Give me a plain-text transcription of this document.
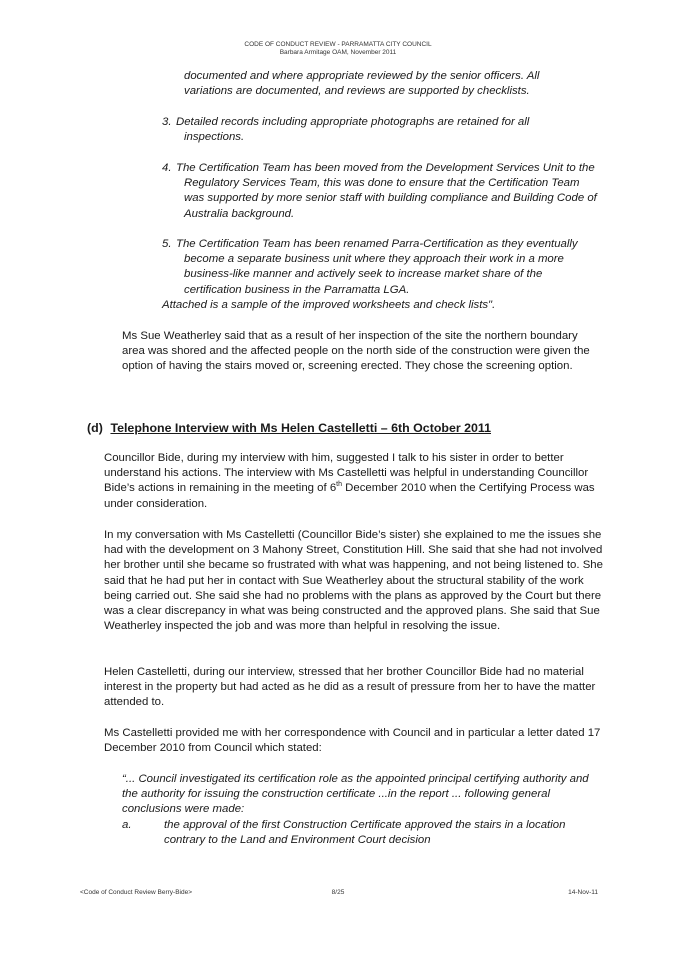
CODE OF CONDUCT REVIEW - PARRAMATTA CITY COUNCIL
Barbara Armitage OAM, November 2011
documented and where appropriate reviewed by the senior officers. All variations are documented, and reviews are supported by checklists.
3. Detailed records including appropriate photographs are retained for all inspections.
4. The Certification Team has been moved from the Development Services Unit to the Regulatory Services Team, this was done to ensure that the Certification Team was supported by more senior staff with building compliance and Building Code of Australia background.
5. The Certification Team has been renamed Parra-Certification as they eventually become a separate business unit where they approach their work in a more business-like manner and actively seek to increase market share of the certification business in the Parramatta LGA.
Attached is a sample of the improved worksheets and check lists".
Ms Sue Weatherley said that as a result of her inspection of the site the northern boundary area was shored and the affected people on the north side of the construction were given the option of having the stairs moved or, screening erected. They chose the screening option.
(d) Telephone Interview with Ms Helen Castelletti – 6th October 2011
Councillor Bide, during my interview with him, suggested I talk to his sister in order to better understand his actions. The interview with Ms Castelletti was helpful in understanding Councillor Bide’s actions in remaining in the meeting of 6th December 2010 when the Certifying Process was under consideration.
In my conversation with Ms Castelletti (Councillor Bide’s sister) she explained to me the issues she had with the development on 3 Mahony Street, Constitution Hill. She said that she had not involved her brother until she became so frustrated with what was happening, and not being listened to. She said that he had put her in contact with Sue Weatherley about the structural stability of the work being carried out. She said she had no problems with the plans as approved by the Court but there was a clear discrepancy in what was being constructed and the approved plans. She said that Sue Weatherley inspected the job and was more than helpful in resolving the issue.
Helen Castelletti, during our interview, stressed that her brother Councillor Bide had no material interest in the property but had acted as he did as a result of pressure from her to have the matter attended to.
Ms Castelletti provided me with her correspondence with Council and in particular a letter dated 17 December 2010 from Council which stated:
“... Council investigated its certification role as the appointed principal certifying authority and the authority for issuing the construction certificate ...in the report ... following general conclusions were made:
a.	the approval of the first Construction Certificate approved the stairs in a location contrary to the Land and Environment Court decision
<Code of Conduct Review Berry-Bide>	8/25	14-Nov-11
